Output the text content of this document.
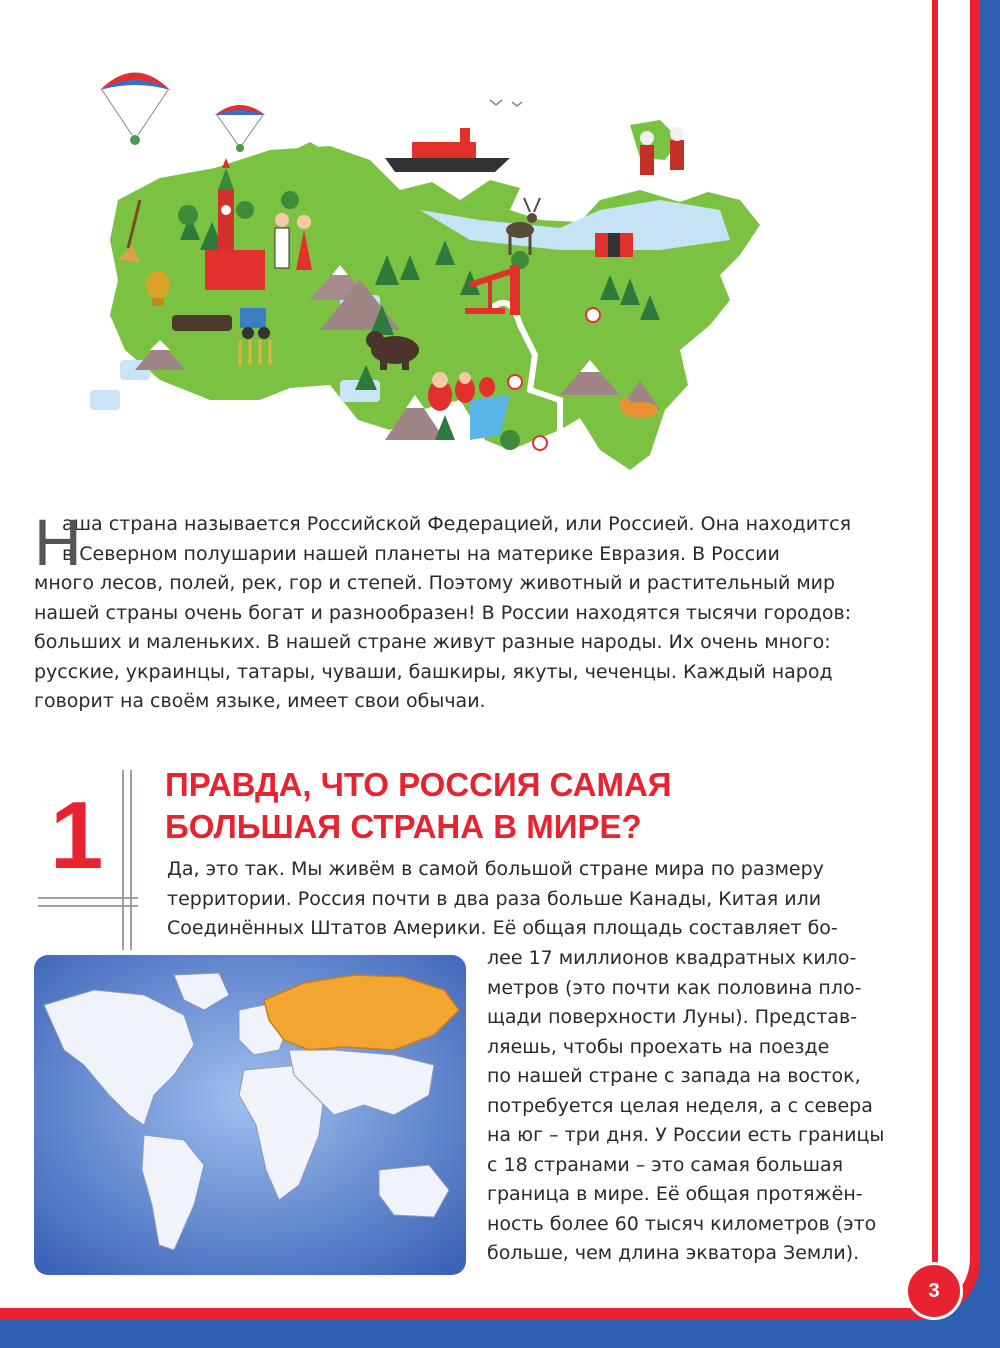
Н
аша страна называется Российской Федерацией, или Россией. Она находится
в Северном полушарии нашей планеты на материке Евразия. В России
много лесов, полей, рек, гор и степей. Поэтому животный и растительный мир
нашей страны очень богат и разнообразен! В России находятся тысячи городов:
больших и маленьких. В нашей стране живут разные народы. Их очень много:
русские, украинцы, татары, чуваши, башкиры, якуты, чеченцы. Каждый народ
говорит на своём языке, имеет свои обычаи.
1 ПРАВДА, ЧТО РОССИЯ САМАЯ
БОЛЬШАЯ СТРАНА В МИРЕ?
Да, это так. Мы живём в самой большой стране мира по размеру
территории. Россия почти в два раза больше Канады, Китая или
Соединённых Штатов Америки. Её общая площадь составляет бо-
лее 17 миллионов квадратных кило-
метров (это почти как половина пло-
щади поверхности Луны). Представ-
ляешь, чтобы проехать на поезде
по нашей стране с запада на восток,
потребуется целая неделя, а с севера
на юг – три дня. У России есть границы
с 18 странами – это самая большая
граница в мире. Её общая протяжён-
ность более 60 тысяч километров (это
больше, чем длина экватора Земли).
3
